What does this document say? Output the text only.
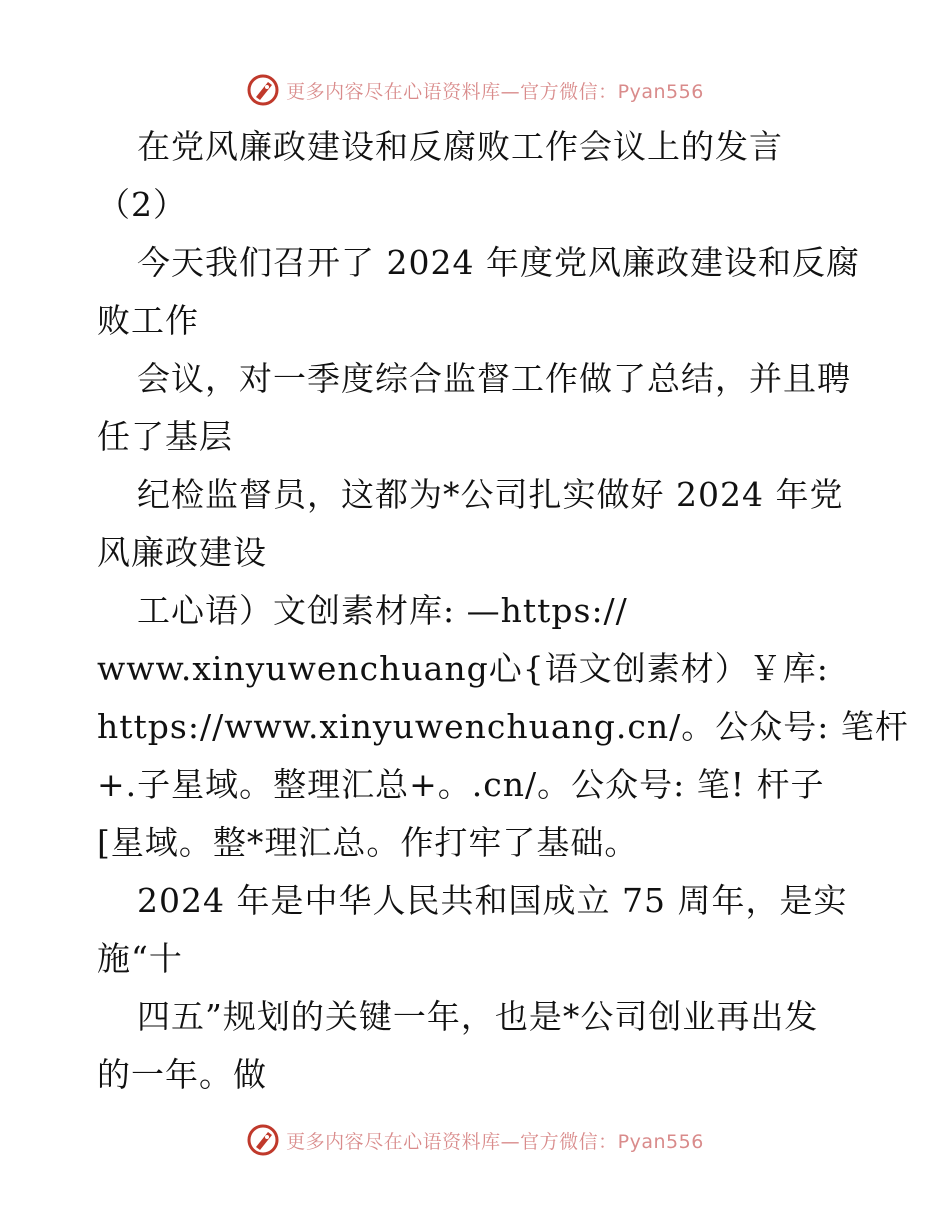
更多内容尽在心语资料库—官方微信：Pyan556
在党风廉政建设和反腐败工作会议上的发言
（2）
今天我们召开了 2024 年度党风廉政建设和反腐
败工作
会议，对一季度综合监督工作做了总结，并且聘
任了基层
纪检监督员，这都为*公司扎实做好 2024 年党
风廉政建设
工心语）文创素材库: —https://
www.xinyuwenchuang心{语文创素材）￥库:
https://www.xinyuwenchuang.cn/。公众号: 笔杆
+.子星域。整理汇总+。.cn/。公众号: 笔! 杆子
[星域。整*理汇总。作打牢了基础。
2024 年是中华人民共和国成立 75 周年，是实
施“十
四五”规划的关键一年，也是*公司创业再出发
的一年。做
更多内容尽在心语资料库—官方微信：Pyan556
